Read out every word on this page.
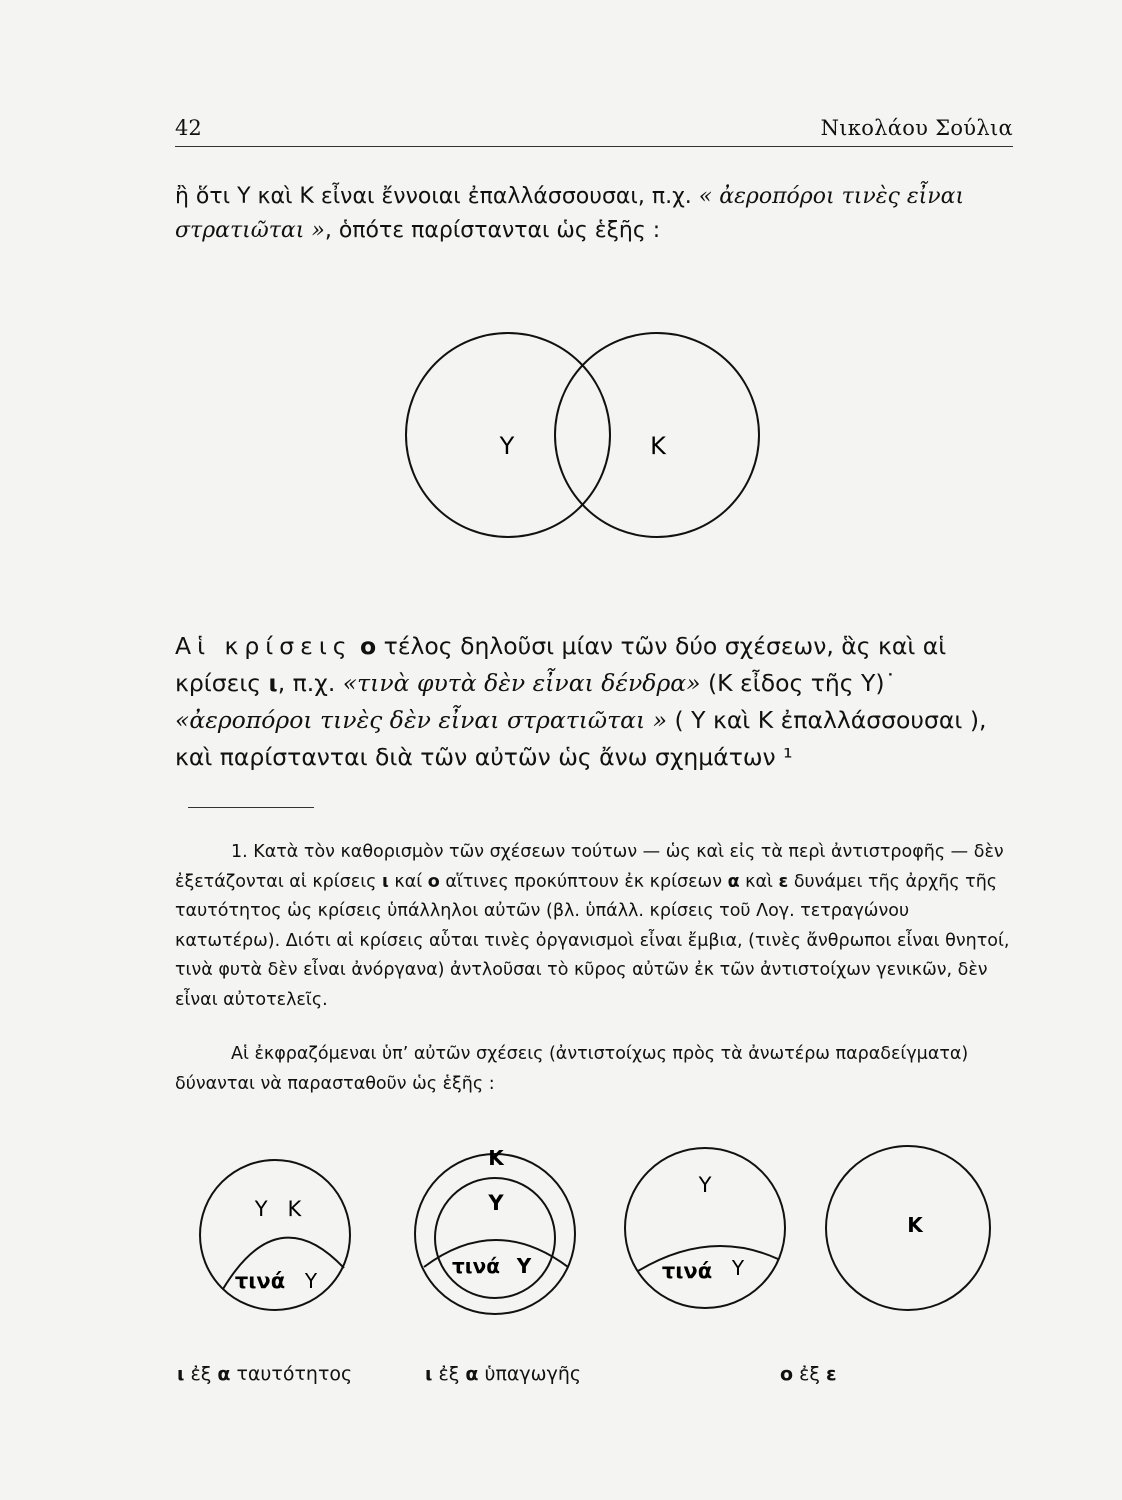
42	Νικολάου Σούλια

ἢ ὅτι Υ καὶ Κ εἶναι ἔννοιαι ἐπαλλάσσουσαι, π.χ. « ἀεροπόροι τινὲς εἶναι στρατιῶται », ὁπότε παρίστανται ὡς ἑξῆς :

Υ	Κ

Αἱ κρίσεις ο τέλος δηλοῦσι μίαν τῶν δύο σχέσεων, ἃς καὶ αἱ κρίσεις ι, π.χ. «τινὰ φυτὰ δὲν εἶναι δένδρα» (Κ εἶδος τῆς Υ)˙ «ἀεροπόροι τινὲς δὲν εἶναι στρατιῶται » ( Υ καὶ Κ ἐπαλλάσσουσαι ), καὶ παρίστανται διὰ τῶν αὐτῶν ὡς ἄνω σχημάτων ¹

1. Κατὰ τὸν καθορισμὸν τῶν σχέσεων τούτων — ὡς καὶ εἰς τὰ περὶ ἀντιστροφῆς — δὲν ἐξετάζονται αἱ κρίσεις ι καί ο αἵτινες προκύπτουν ἐκ κρίσεων α καὶ ε δυνάμει τῆς ἀρχῆς τῆς ταυτότητος ὡς κρίσεις ὑπάλληλοι αὐτῶν (βλ. ὑπάλλ. κρίσεις τοῦ Λογ. τετραγώνου κατωτέρω). Διότι αἱ κρίσεις αὗται τινὲς ὀργανισμοὶ εἶναι ἔμβια, (τινὲς ἄνθρωποι εἶναι θνητοί, τινὰ φυτὰ δὲν εἶναι ἀνόργανα) ἀντλοῦσαι τὸ κῦρος αὐτῶν ἐκ τῶν ἀντιστοίχων γενικῶν, δὲν εἶναι αὐτοτελεῖς.

Αἱ ἐκφραζόμεναι ὑπ’ αὐτῶν σχέσεις (ἀντιστοίχως πρὸς τὰ ἀνωτέρω παραδείγματα) δύνανται νὰ παρασταθοῦν ὡς ἑξῆς :

Υ   Κ
τινά Υ
Κ
Υ
τινά Υ
Υ
τινά Υ
Κ
ι ἐξ α ταυτότητος	ι ἐξ α ὑπαγωγῆς	ο ἐξ ε
